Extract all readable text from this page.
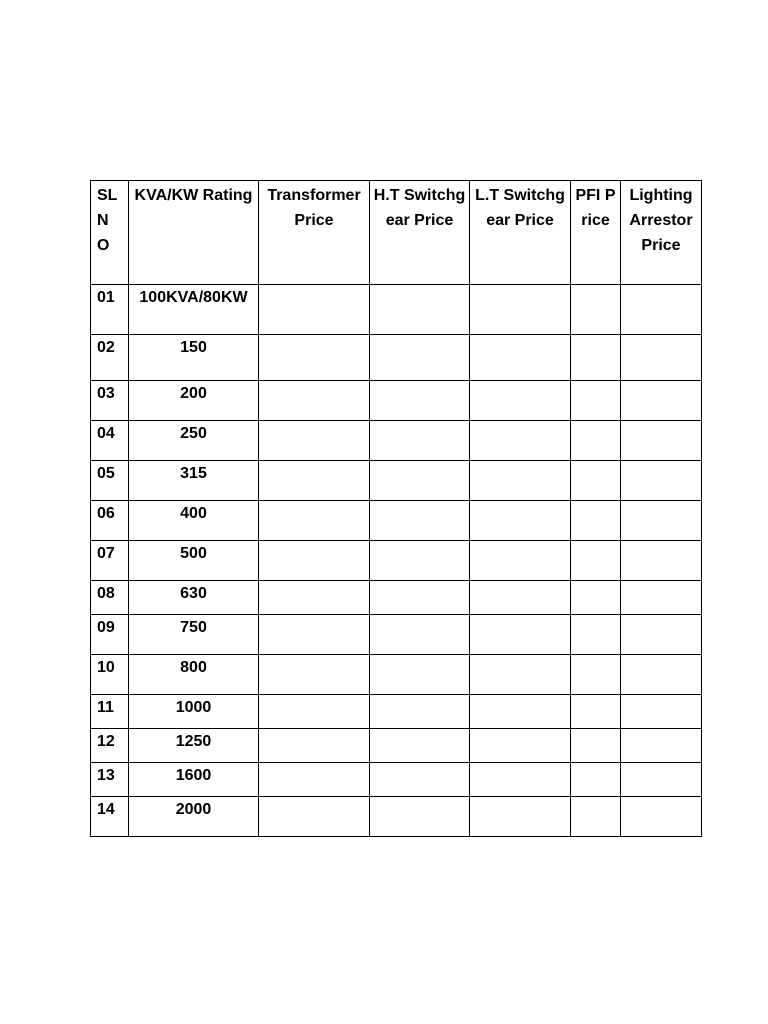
SL N O	KVA/KW Rating	Transformer Price	H.T Switchgear Price	L.T Switchgear Price	PFI Price	Lighting Arrestor Price
01	100KVA/80KW					
02	150					
03	200					
04	250					
05	315					
06	400					
07	500					
08	630					
09	750					
10	800					
11	1000					
12	1250					
13	1600					
14	2000					
